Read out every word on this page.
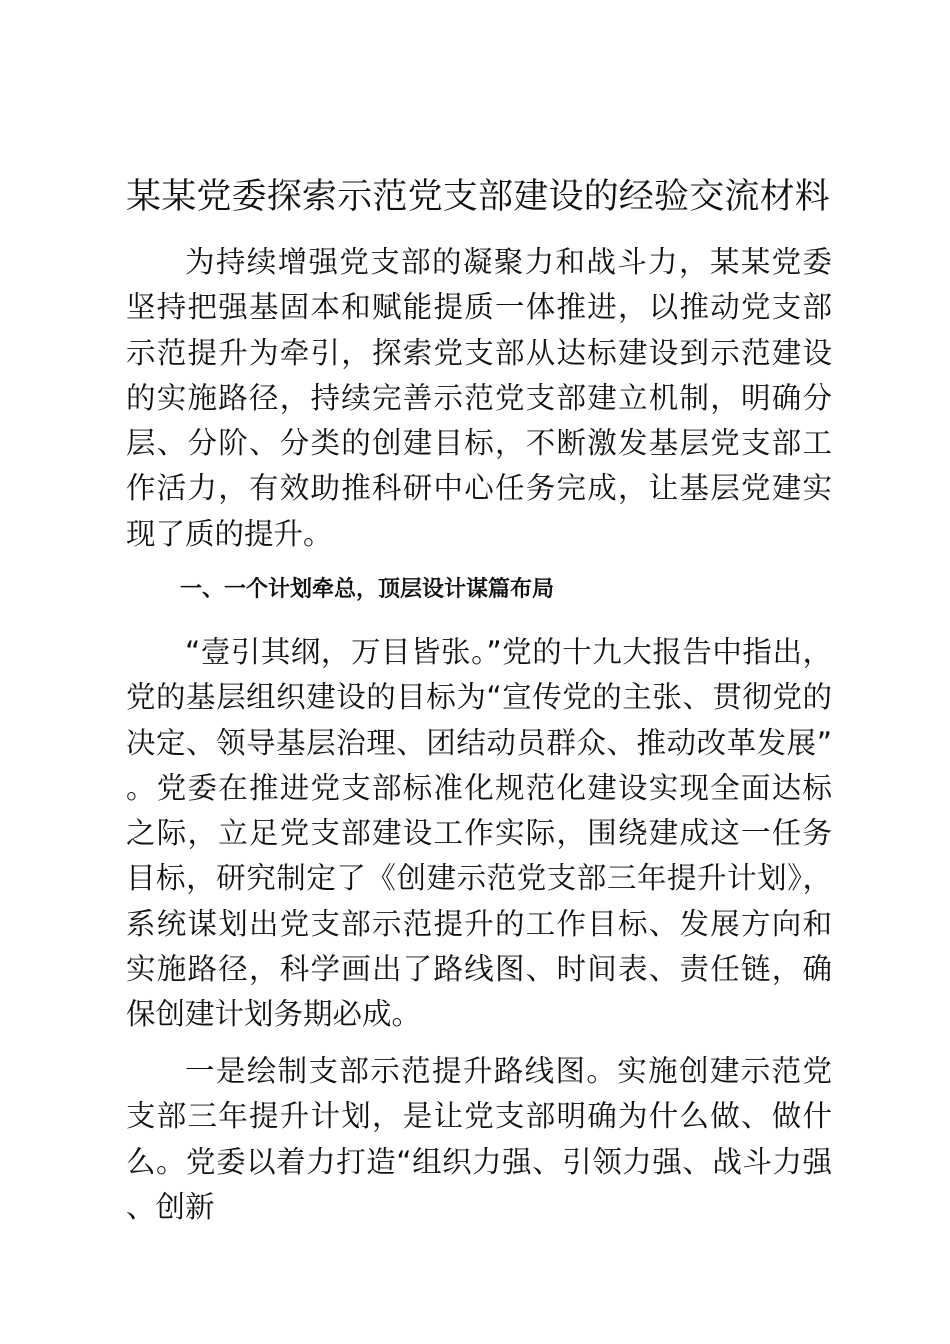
某某党委探索示范党支部建设的经验交流材料

为持续增强党支部的凝聚力和战斗力，某某党委坚持把强基固本和赋能提质一体推进，以推动党支部示范提升为牵引，探索党支部从达标建设到示范建设的实施路径，持续完善示范党支部建立机制，明确分层、分阶、分类的创建目标，不断激发基层党支部工作活力，有效助推科研中心任务完成，让基层党建实现了质的提升。

一、一个计划牵总，顶层设计谋篇布局

“壹引其纲，万目皆张。”党的十九大报告中指出，党的基层组织建设的目标为“宣传党的主张、贯彻党的决定、领导基层治理、团结动员群众、推动改革发展”。党委在推进党支部标准化规范化建设实现全面达标之际，立足党支部建设工作实际，围绕建成这一任务目标，研究制定了《创建示范党支部三年提升计划》，系统谋划出党支部示范提升的工作目标、发展方向和实施路径，科学画出了路线图、时间表、责任链，确保创建计划务期必成。

一是绘制支部示范提升路线图。实施创建示范党支部三年提升计划，是让党支部明确为什么做、做什么。党委以着力打造“组织力强、引领力强、战斗力强、创新
